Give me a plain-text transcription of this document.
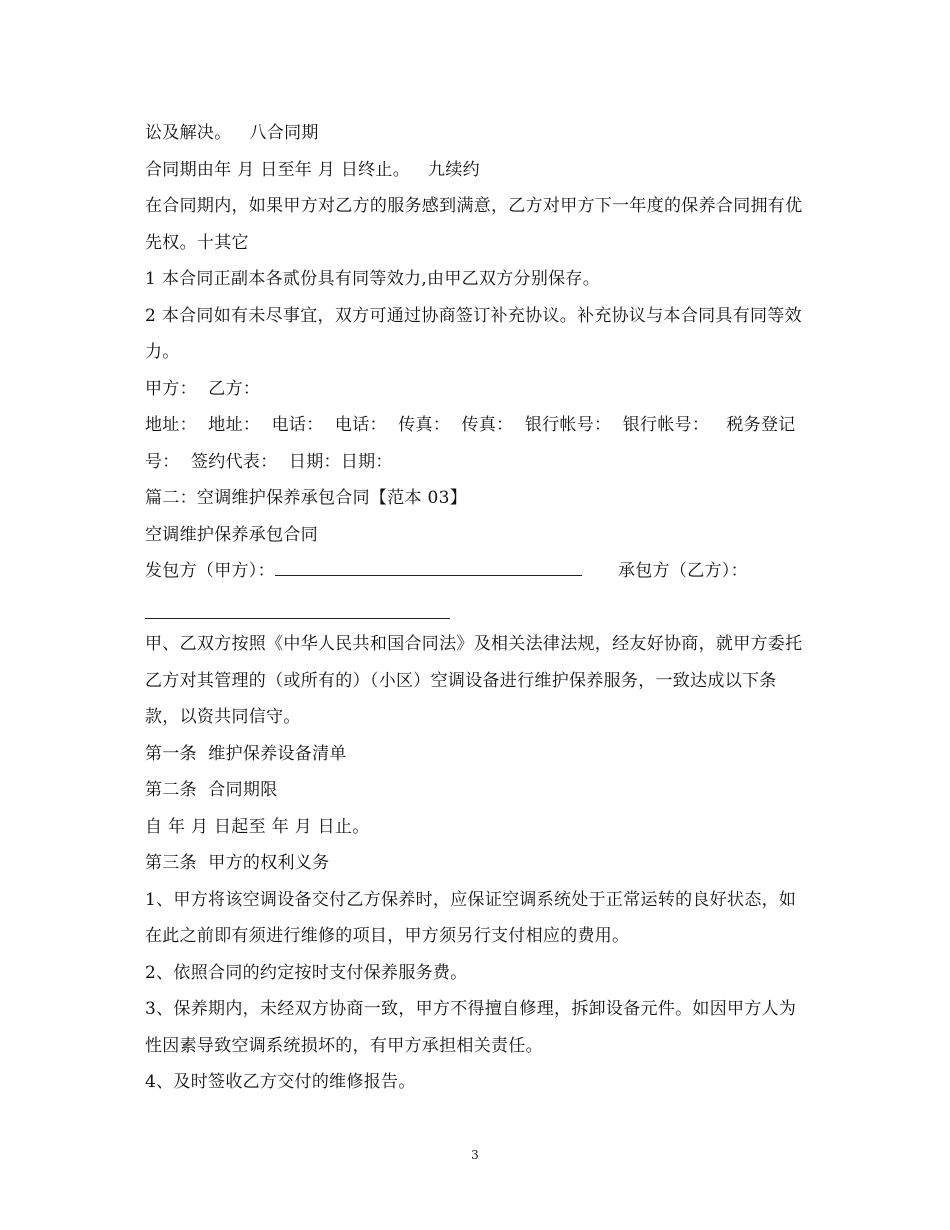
讼及解决。 八合同期

合同期由年 月 日至年 月 日终止。 九续约

在合同期内，如果甲方对乙方的服务感到满意，乙方对甲方下一年度的保养合同拥有优先权。十其它

1 本合同正副本各贰份具有同等效力,由甲乙双方分别保存。

2 本合同如有未尽事宜，双方可通过协商签订补充协议。补充协议与本合同具有同等效力。

甲方：  乙方：

地址：  地址：  电话：  电话：  传真：  传真：  银行帐号：  银行帐号：   税务登记号：  签约代表：  日期：日期：

篇二：空调维护保养承包合同【范本 03】

空调维护保养承包合同

发包方（甲方）：	承包方（乙方）：

甲、乙双方按照《中华人民共和国合同法》及相关法律法规，经友好协商，就甲方委托乙方对其管理的（或所有的）（小区）空调设备进行维护保养服务，一致达成以下条款，以资共同信守。

第一条  维护保养设备清单

第二条  合同期限

自 年 月 日起至 年 月 日止。

第三条  甲方的权利义务

1、甲方将该空调设备交付乙方保养时，应保证空调系统处于正常运转的良好状态，如在此之前即有须进行维修的项目，甲方须另行支付相应的费用。

2、依照合同的约定按时支付保养服务费。

3、保养期内，未经双方协商一致，甲方不得擅自修理，拆卸设备元件。如因甲方人为性因素导致空调系统损坏的，有甲方承担相关责任。

4、及时签收乙方交付的维修报告。

3
